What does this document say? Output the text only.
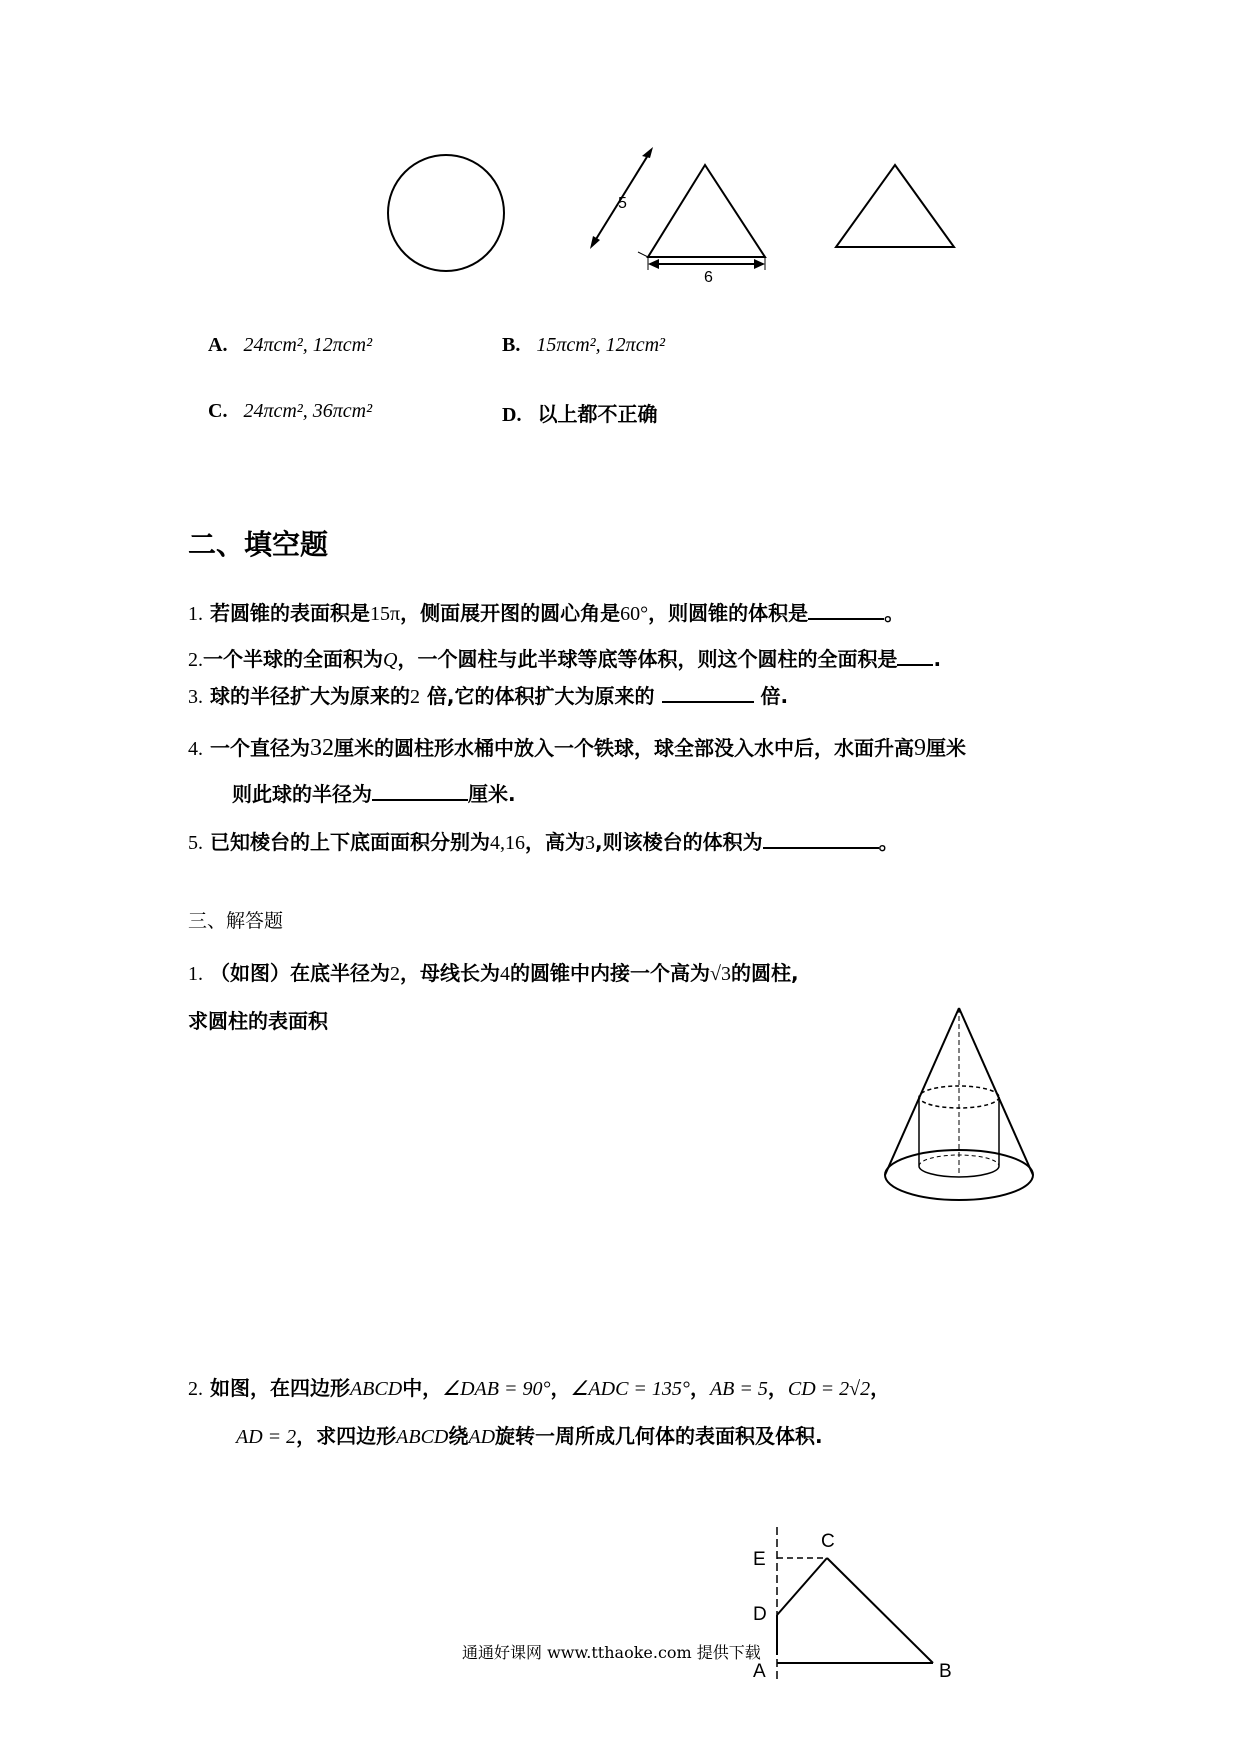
5
6
A. 24πcm², 12πcm²	B. 15πcm², 12πcm²
C. 24πcm², 36πcm²	D. 以上都不正确
二、填空题
1. 若圆锥的表面积是15π，侧面展开图的圆心角是60°，则圆锥的体积是	。
2.一个半球的全面积为Q，一个圆柱与此半球等底等体积，则这个圆柱的全面积是 .
3. 球的半径扩大为原来的2 倍,它的体积扩大为原来的	倍.
4. 一个直径为32厘米的圆柱形水桶中放入一个铁球，球全部没入水中后，水面升高9厘米
则此球的半径为	厘米.
5. 已知棱台的上下底面面积分别为4,16，高为3,则该棱台的体积为	。
三、解答题
1. （如图）在底半径为2，母线长为4的圆锥中内接一个高为√3的圆柱,
求圆柱的表面积
2. 如图，在四边形ABCD中，∠DAB = 90°，∠ADC = 135°，AB = 5，CD = 2√2，
AD = 2，求四边形ABCD绕AD旋转一周所成几何体的表面积及体积.
E
C
D
A	B
通通好课网 www.tthaoke.com 提供下载
